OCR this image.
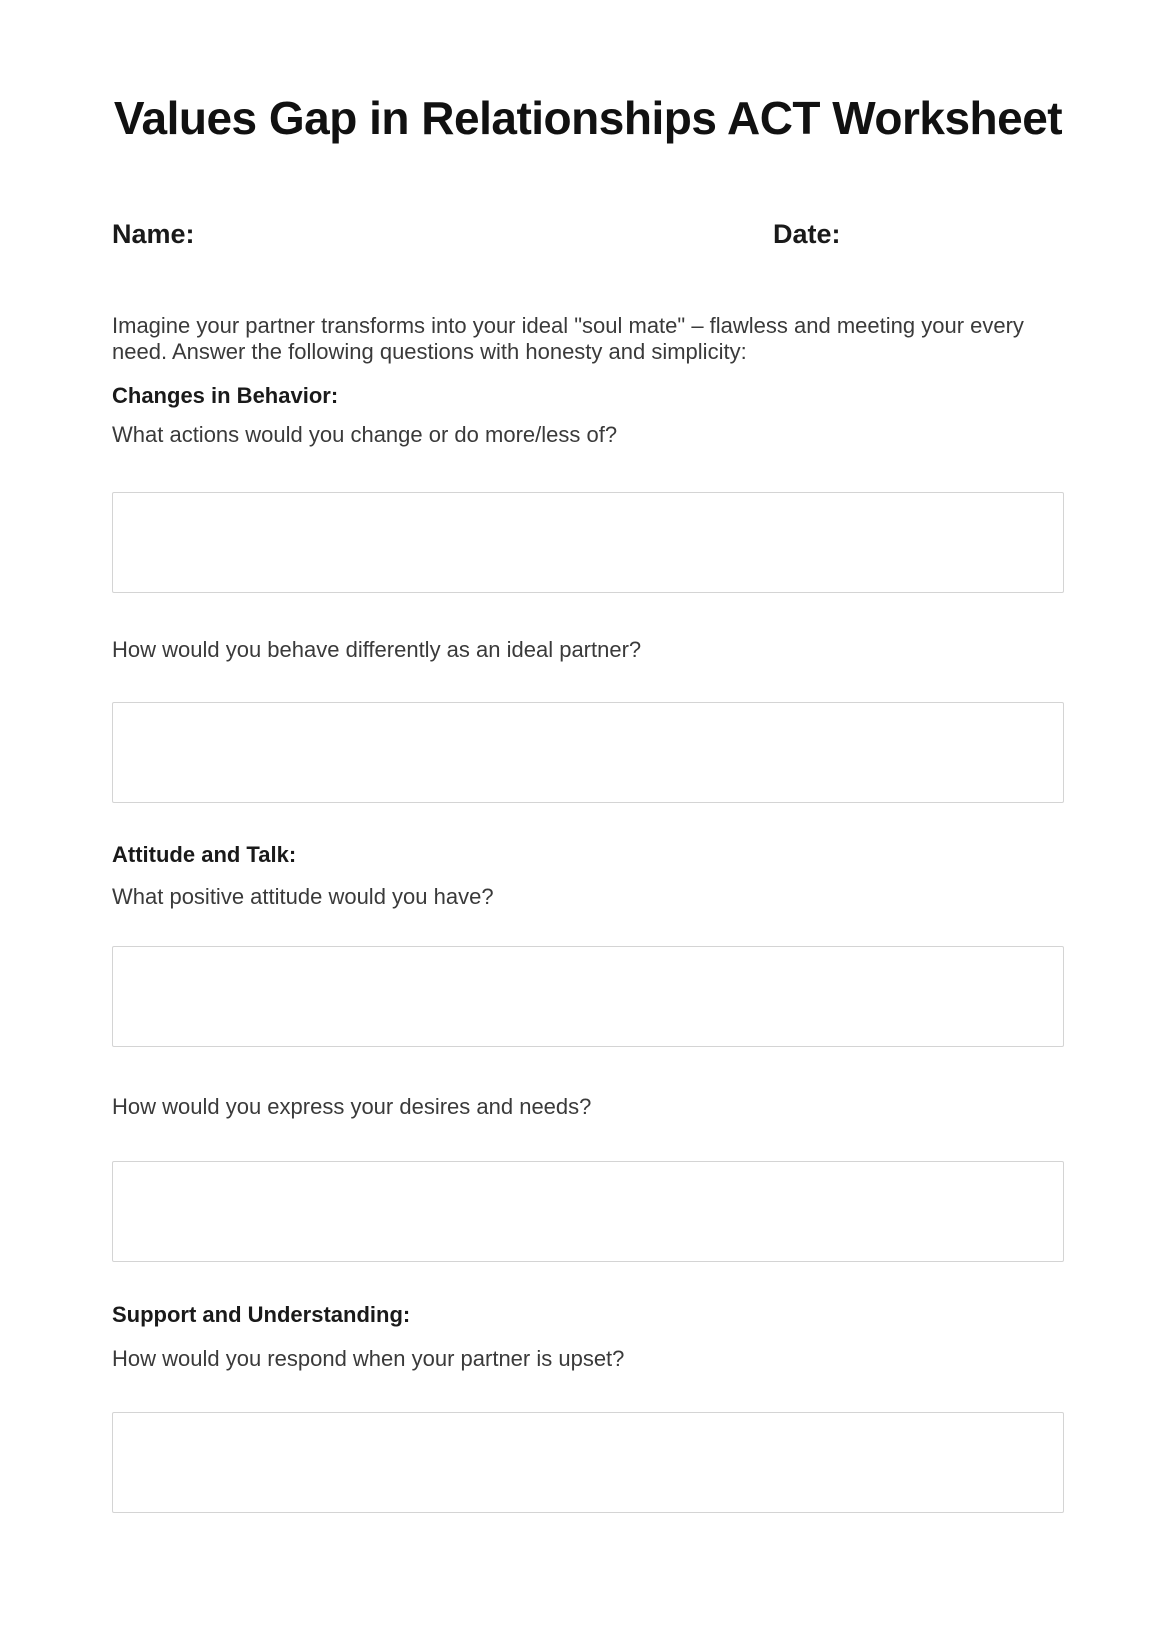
Values Gap in Relationships ACT Worksheet
Name:	Date:

Imagine your partner transforms into your ideal "soul mate" – flawless and meeting your every need. Answer the following questions with honesty and simplicity:

Changes in Behavior:
What actions would you change or do more/less of?
How would you behave differently as an ideal partner?
Attitude and Talk:
What positive attitude would you have?
How would you express your desires and needs?
Support and Understanding:
How would you respond when your partner is upset?
